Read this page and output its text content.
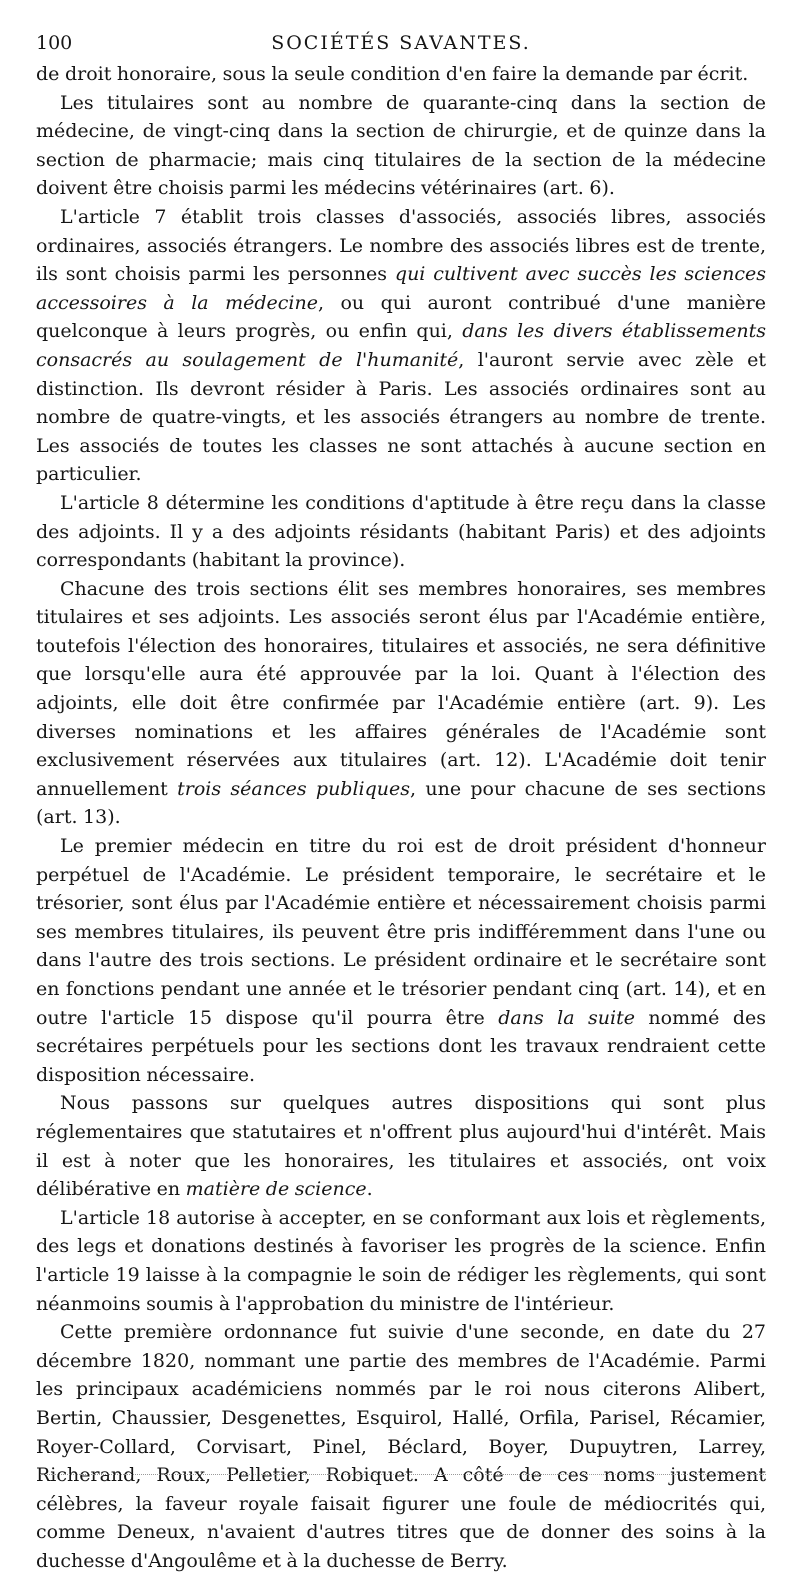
100	SOCIÉTÉS SAVANTES.

de droit honoraire, sous la seule condition d'en faire la demande par écrit.

Les titulaires sont au nombre de quarante-cinq dans la section de médecine, de vingt-cinq dans la section de chirurgie, et de quinze dans la section de pharmacie; mais cinq titulaires de la section de la médecine doivent être choisis parmi les médecins vétérinaires (art. 6).

L'article 7 établit trois classes d'associés, associés libres, associés ordinaires, associés étrangers. Le nombre des associés libres est de trente, ils sont choisis parmi les personnes qui cultivent avec succès les sciences accessoires à la médecine, ou qui auront contribué d'une manière quelconque à leurs progrès, ou enfin qui, dans les divers établissements consacrés au soulagement de l'humanité, l'auront servie avec zèle et distinction. Ils devront résider à Paris. Les associés ordinaires sont au nombre de quatre-vingts, et les associés étrangers au nombre de trente. Les associés de toutes les classes ne sont attachés à aucune section en particulier.

L'article 8 détermine les conditions d'aptitude à être reçu dans la classe des adjoints. Il y a des adjoints résidants (habitant Paris) et des adjoints correspondants (habitant la province).

Chacune des trois sections élit ses membres honoraires, ses membres titulaires et ses adjoints. Les associés seront élus par l'Académie entière, toutefois l'élection des honoraires, titulaires et associés, ne sera définitive que lorsqu'elle aura été approuvée par la loi. Quant à l'élection des adjoints, elle doit être confirmée par l'Académie entière (art. 9). Les diverses nominations et les affaires générales de l'Académie sont exclusivement réservées aux titulaires (art. 12). L'Académie doit tenir annuellement trois séances publiques, une pour chacune de ses sections (art. 13).

Le premier médecin en titre du roi est de droit président d'honneur perpétuel de l'Académie. Le président temporaire, le secrétaire et le trésorier, sont élus par l'Académie entière et nécessairement choisis parmi ses membres titulaires, ils peuvent être pris indifféremment dans l'une ou dans l'autre des trois sections. Le président ordinaire et le secrétaire sont en fonctions pendant une année et le trésorier pendant cinq (art. 14), et en outre l'article 15 dispose qu'il pourra être dans la suite nommé des secrétaires perpétuels pour les sections dont les travaux rendraient cette disposition nécessaire.

Nous passons sur quelques autres dispositions qui sont plus réglementaires que statutaires et n'offrent plus aujourd'hui d'intérêt. Mais il est à noter que les honoraires, les titulaires et associés, ont voix délibérative en matière de science.

L'article 18 autorise à accepter, en se conformant aux lois et règlements, des legs et donations destinés à favoriser les progrès de la science. Enfin l'article 19 laisse à la compagnie le soin de rédiger les règlements, qui sont néanmoins soumis à l'approbation du ministre de l'intérieur.

Cette première ordonnance fut suivie d'une seconde, en date du 27 décembre 1820, nommant une partie des membres de l'Académie. Parmi les principaux académiciens nommés par le roi nous citerons Alibert, Bertin, Chaussier, Desgenettes, Esquirol, Hallé, Orfila, Parisel, Récamier, Royer-Collard, Corvisart, Pinel, Béclard, Boyer, Dupuytren, Larrey, Richerand, Roux, Pelletier, Robiquet. A côté de ces noms justement célèbres, la faveur royale faisait figurer une foule de médiocrités qui, comme Deneux, n'avaient d'autres titres que de donner des soins à la duchesse d'Angoulême et à la duchesse de Berry.
